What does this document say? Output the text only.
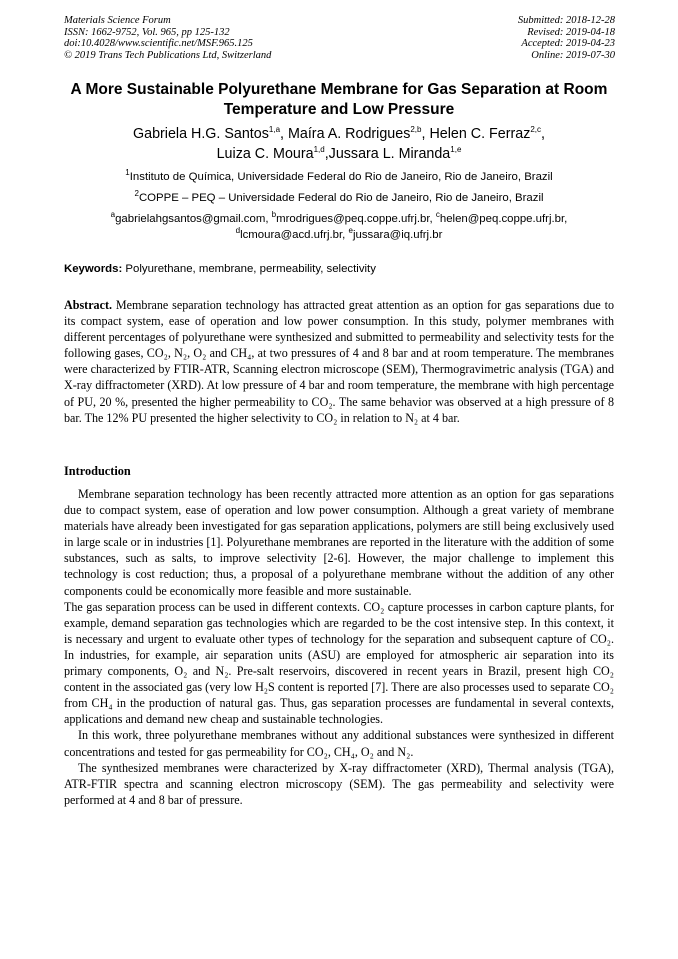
Materials Science Forum
ISSN: 1662-9752, Vol. 965, pp 125-132
doi:10.4028/www.scientific.net/MSF.965.125
© 2019 Trans Tech Publications Ltd, Switzerland
Submitted: 2018-12-28
Revised: 2019-04-18
Accepted: 2019-04-23
Online: 2019-07-30
A More Sustainable Polyurethane Membrane for Gas Separation at Room Temperature and Low Pressure
Gabriela H.G. Santos$^{1,a}$, Maíra A. Rodrigues$^{2,b}$, Helen C. Ferraz$^{2,c}$,
Luiza C. Moura$^{1,d}$,Jussara L. Miranda$^{1,e}$
$^1$Instituto de Química, Universidade Federal do Rio de Janeiro, Rio de Janeiro, Brazil
$^2$COPPE – PEQ – Universidade Federal do Rio de Janeiro, Rio de Janeiro, Brazil
$^a$gabrielahgsantos@gmail.com, $^b$mrodrigues@peq.coppe.ufrj.br, $^c$helen@peq.coppe.ufrj.br,
$^d$lcmoura@acd.ufrj.br, $^e$jussara@iq.ufrj.br
Keywords: Polyurethane, membrane, permeability, selectivity
Abstract. Membrane separation technology has attracted great attention as an option for gas separations due to its compact system, ease of operation and low power consumption. In this study, polymer membranes with different percentages of polyurethane were synthesized and submitted to permeability and selectivity tests for the following gases, CO₂, N₂, O₂ and CH₄, at two pressures of 4 and 8 bar and at room temperature. The membranes were characterized by FTIR-ATR, Scanning electron microscope (SEM), Thermogravimetric analysis (TGA) and X-ray diffractometer (XRD). At low pressure of 4 bar and room temperature, the membrane with high percentage of PU, 20 %, presented the higher permeability to CO₂. The same behavior was observed at a high pressure of 8 bar. The 12% PU presented the higher selectivity to CO₂ in relation to N₂ at 4 bar.
Introduction

Membrane separation technology has been recently attracted more attention as an option for gas separations due to compact system, ease of operation and low power consumption. Although a great variety of membrane materials have already been investigated for gas separation applications, polymers are still being exclusively used in large scale or in industries [1]. Polyurethane membranes are reported in the literature with the addition of some substances, such as salts, to improve selectivity [2-6]. However, the major challenge to implement this technology is cost reduction; thus, a proposal of a polyurethane membrane without the addition of any other components could be economically more feasible and more sustainable.

The gas separation process can be used in different contexts. CO₂ capture processes in carbon capture plants, for example, demand separation gas technologies which are regarded to be the cost intensive step. In this context, it is necessary and urgent to evaluate other types of technology for the separation and subsequent capture of CO₂. In industries, for example, air separation units (ASU) are employed for atmospheric air separation into its primary components, O₂ and N₂. Pre-salt reservoirs, discovered in recent years in Brazil, present high CO₂ content in the associated gas (very low H₂S content is reported [7]. There are also processes used to separate CO₂ from CH₄ in the production of natural gas. Thus, gas separation processes are fundamental in several contexts, applications and demand new cheap and sustainable technologies.

In this work, three polyurethane membranes without any additional substances were synthesized in different concentrations and tested for gas permeability for CO₂, CH₄, O₂ and N₂.

The synthesized membranes were characterized by X-ray diffractometer (XRD), Thermal analysis (TGA), ATR-FTIR spectra and scanning electron microscopy (SEM). The gas permeability and selectivity were performed at 4 and 8 bar of pressure.
